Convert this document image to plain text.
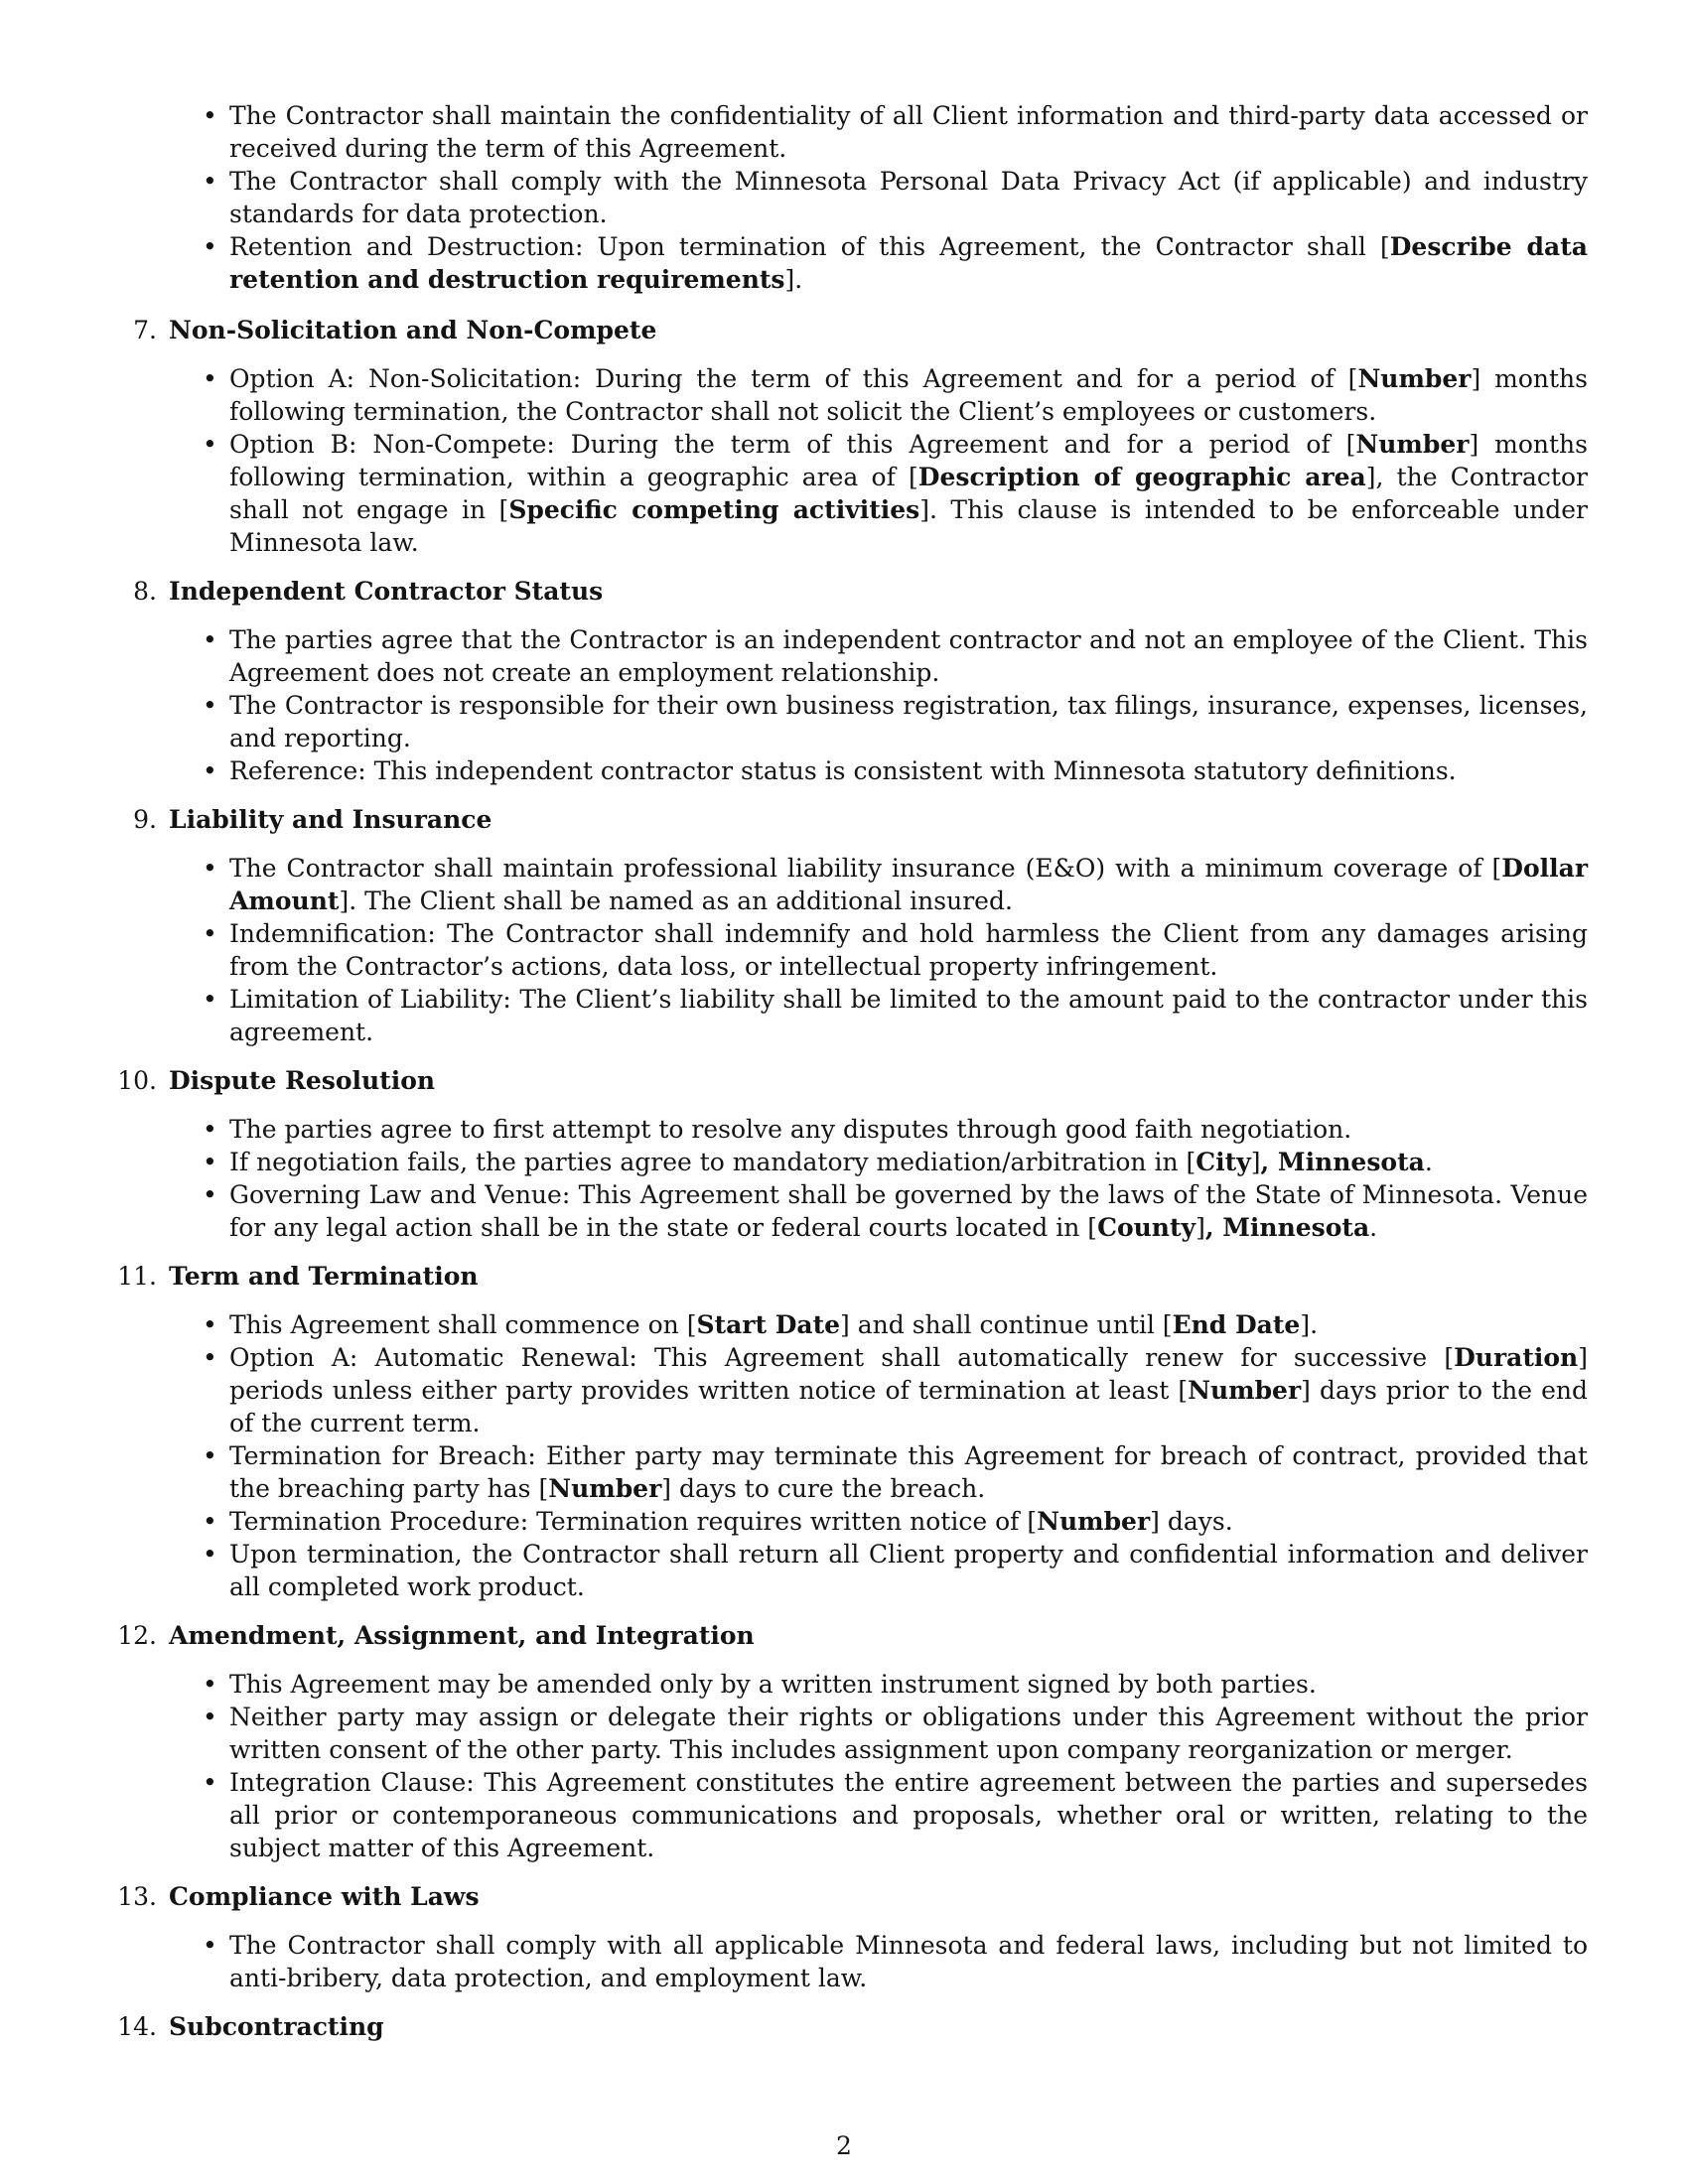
• The Contractor shall maintain the confidentiality of all Client information and third-party data accessed or received during the term of this Agreement.
• The Contractor shall comply with the Minnesota Personal Data Privacy Act (if applicable) and industry standards for data protection.
• Retention and Destruction: Upon termination of this Agreement, the Contractor shall [Describe data retention and destruction requirements].
7. Non-Solicitation and Non-Compete
• Option A: Non-Solicitation: During the term of this Agreement and for a period of [Number] months following termination, the Contractor shall not solicit the Client’s employees or customers.
• Option B: Non-Compete: During the term of this Agreement and for a period of [Number] months following termination, within a geographic area of [Description of geographic area], the Contractor shall not engage in [Specific competing activities]. This clause is intended to be enforceable under Minnesota law.
8. Independent Contractor Status
• The parties agree that the Contractor is an independent contractor and not an employee of the Client. This Agreement does not create an employment relationship.
• The Contractor is responsible for their own business registration, tax filings, insurance, expenses, licenses, and reporting.
• Reference: This independent contractor status is consistent with Minnesota statutory definitions.
9. Liability and Insurance
• The Contractor shall maintain professional liability insurance (E&O) with a minimum coverage of [Dollar Amount]. The Client shall be named as an additional insured.
• Indemnification: The Contractor shall indemnify and hold harmless the Client from any damages arising from the Contractor’s actions, data loss, or intellectual property infringement.
• Limitation of Liability: The Client’s liability shall be limited to the amount paid to the contractor under this agreement.
10. Dispute Resolution
• The parties agree to first attempt to resolve any disputes through good faith negotiation.
• If negotiation fails, the parties agree to mandatory mediation/arbitration in [City], Minnesota.
• Governing Law and Venue: This Agreement shall be governed by the laws of the State of Minnesota. Venue for any legal action shall be in the state or federal courts located in [County], Minnesota.
11. Term and Termination
• This Agreement shall commence on [Start Date] and shall continue until [End Date].
• Option A: Automatic Renewal: This Agreement shall automatically renew for successive [Duration] periods unless either party provides written notice of termination at least [Number] days prior to the end of the current term.
• Termination for Breach: Either party may terminate this Agreement for breach of contract, provided that the breaching party has [Number] days to cure the breach.
• Termination Procedure: Termination requires written notice of [Number] days.
• Upon termination, the Contractor shall return all Client property and confidential information and deliver all completed work product.
12. Amendment, Assignment, and Integration
• This Agreement may be amended only by a written instrument signed by both parties.
• Neither party may assign or delegate their rights or obligations under this Agreement without the prior written consent of the other party. This includes assignment upon company reorganization or merger.
• Integration Clause: This Agreement constitutes the entire agreement between the parties and supersedes all prior or contemporaneous communications and proposals, whether oral or written, relating to the subject matter of this Agreement.
13. Compliance with Laws
• The Contractor shall comply with all applicable Minnesota and federal laws, including but not limited to anti-bribery, data protection, and employment law.
14. Subcontracting
2
